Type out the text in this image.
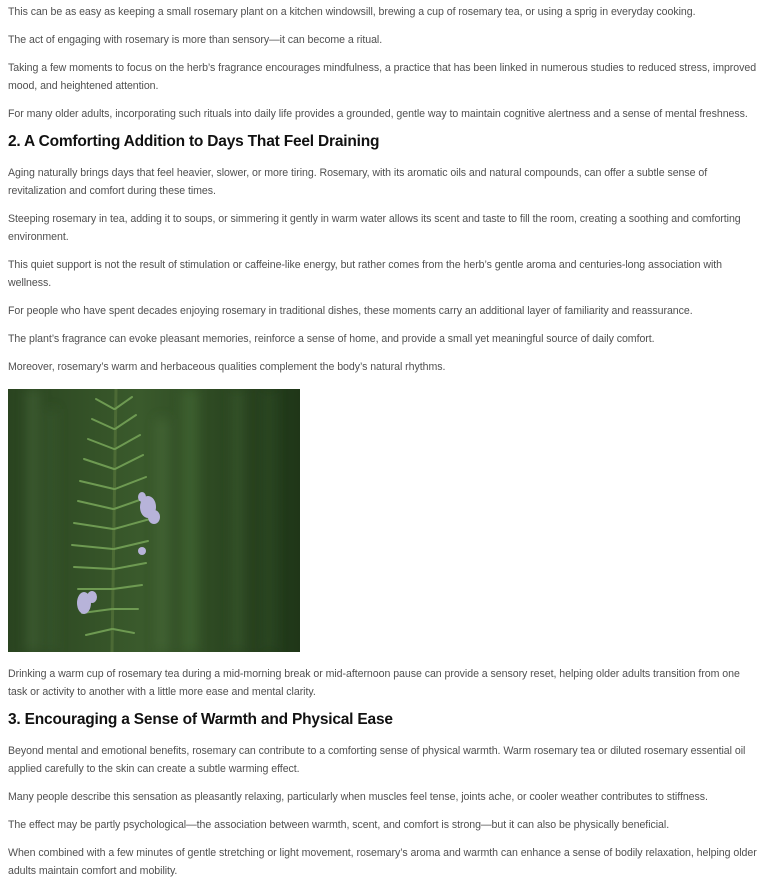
This can be as easy as keeping a small rosemary plant on a kitchen windowsill, brewing a cup of rosemary tea, or using a sprig in everyday cooking.

The act of engaging with rosemary is more than sensory—it can become a ritual.

Taking a few moments to focus on the herb’s fragrance encourages mindfulness, a practice that has been linked in numerous studies to reduced stress, improved mood, and heightened attention.

For many older adults, incorporating such rituals into daily life provides a grounded, gentle way to maintain cognitive alertness and a sense of mental freshness.

2. A Comforting Addition to Days That Feel Draining

Aging naturally brings days that feel heavier, slower, or more tiring. Rosemary, with its aromatic oils and natural compounds, can offer a subtle sense of revitalization and comfort during these times.

Steeping rosemary in tea, adding it to soups, or simmering it gently in warm water allows its scent and taste to fill the room, creating a soothing and comforting environment.

This quiet support is not the result of stimulation or caffeine-like energy, but rather comes from the herb’s gentle aroma and centuries-long association with wellness.

For people who have spent decades enjoying rosemary in traditional dishes, these moments carry an additional layer of familiarity and reassurance.

The plant’s fragrance can evoke pleasant memories, reinforce a sense of home, and provide a small yet meaningful source of daily comfort.

Moreover, rosemary’s warm and herbaceous qualities complement the body’s natural rhythms.

Drinking a warm cup of rosemary tea during a mid-morning break or mid-afternoon pause can provide a sensory reset, helping older adults transition from one task or activity to another with a little more ease and mental clarity.

3. Encouraging a Sense of Warmth and Physical Ease

Beyond mental and emotional benefits, rosemary can contribute to a comforting sense of physical warmth. Warm rosemary tea or diluted rosemary essential oil applied carefully to the skin can create a subtle warming effect.

Many people describe this sensation as pleasantly relaxing, particularly when muscles feel tense, joints ache, or cooler weather contributes to stiffness.

The effect may be partly psychological—the association between warmth, scent, and comfort is strong—but it can also be physically beneficial.

When combined with a few minutes of gentle stretching or light movement, rosemary’s aroma and warmth can enhance a sense of bodily relaxation, helping older adults maintain comfort and mobility.
